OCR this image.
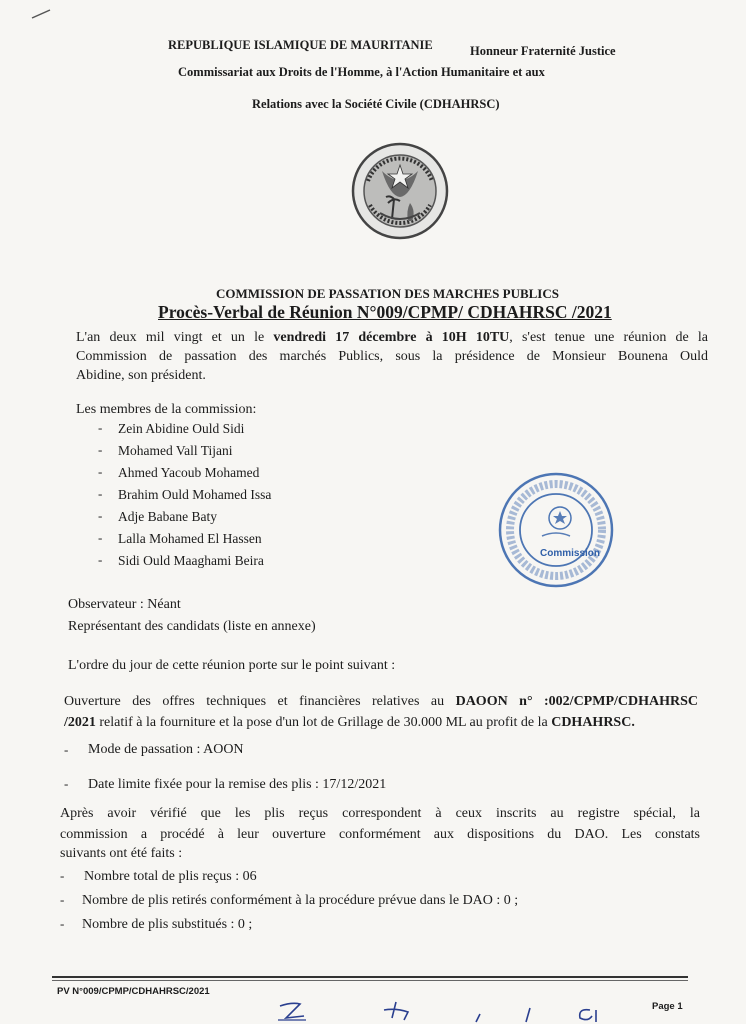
REPUBLIQUE ISLAMIQUE DE MAURITANIE	Honneur Fraternité Justice
Commissariat aux Droits de l'Homme, à l'Action Humanitaire et aux
Relations avec la Société Civile (CDHAHRSC)
COMMISSION DE PASSATION DES MARCHES PUBLICS
Procès-Verbal de Réunion N°009/CPMP/ CDHAHRSC /2021
L'an deux mil vingt et un le vendredi 17 décembre à 10H 10TU, s'est tenue une réunion de la
Commission de passation des marchés Publics, sous la présidence de Monsieur Bounena Ould
Abidine, son président.
Les membres de la commission:
- Zein Abidine Ould Sidi
- Mohamed Vall Tijani
- Ahmed Yacoub Mohamed
- Brahim Ould Mohamed Issa
- Adje Babane Baty
- Lalla Mohamed El Hassen
- Sidi Ould Maaghami Beira	Commission
Observateur : Néant
Représentant des candidats (liste en annexe)
L'ordre du jour de cette réunion porte sur le point suivant :
Ouverture des offres techniques et financières relatives au DAOON n° :002/CPMP/CDHAHRSC
/2021 relatif à la fourniture et la pose d'un lot de Grillage de 30.000 ML au profit de la CDHAHRSC.
- Mode de passation : AOON
- Date limite fixée pour la remise des plis : 17/12/2021
Après avoir vérifié que les plis reçus correspondent à ceux inscrits au registre spécial, la
commission a procédé à leur ouverture conformément aux dispositions du DAO. Les constats
suivants ont été faits :
- Nombre total de plis reçus : 06
- Nombre de plis retirés conformément à la procédure prévue dans le DAO : 0 ;
- Nombre de plis substitués : 0 ;
PV N°009/CPMP/CDHAHRSC/2021
Page 1
